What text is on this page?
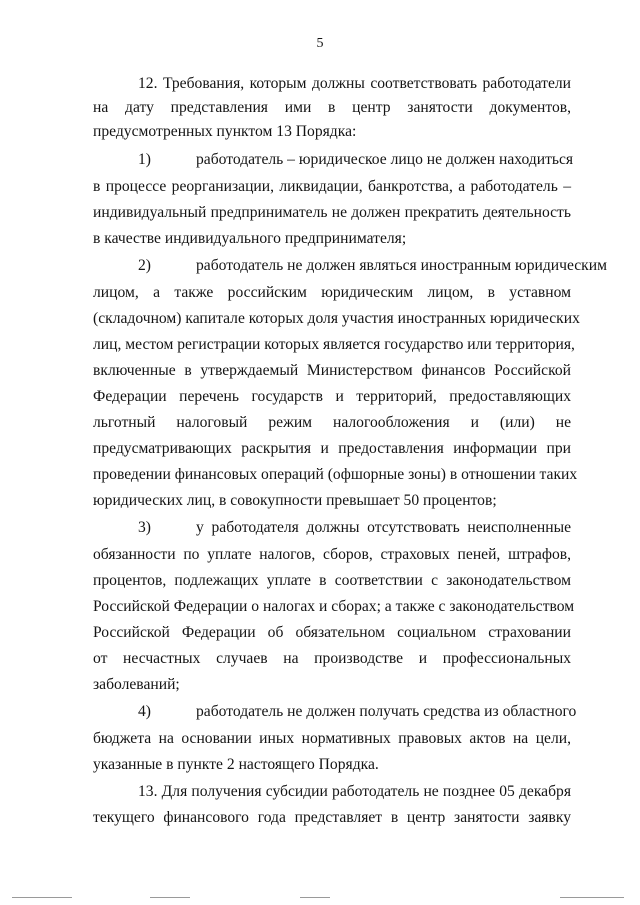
5
12. Требования, которым должны соответствовать работодатели
на дату представления ими в центр занятости документов,
предусмотренных пунктом 13 Порядка:
1)	работодатель – юридическое лицо не должен находиться
в процессе реорганизации, ликвидации, банкротства, а работодатель –
индивидуальный предприниматель не должен прекратить деятельность
в качестве индивидуального предпринимателя;
2)	работодатель не должен являться иностранным юридическим
лицом, а также российским юридическим лицом, в уставном
(складочном) капитале которых доля участия иностранных юридических
лиц, местом регистрации которых является государство или территория,
включенные в утверждаемый Министерством финансов Российской
Федерации перечень государств и территорий, предоставляющих
льготный налоговый режим налогообложения и (или) не
предусматривающих раскрытия и предоставления информации при
проведении финансовых операций (офшорные зоны) в отношении таких
юридических лиц, в совокупности превышает 50 процентов;
3)	у работодателя должны отсутствовать неисполненные
обязанности по уплате налогов, сборов, страховых пеней, штрафов,
процентов, подлежащих уплате в соответствии с законодательством
Российской Федерации о налогах и сборах; а также с законодательством
Российской Федерации об обязательном социальном страховании
от несчастных случаев на производстве и профессиональных
заболеваний;
4)	работодатель не должен получать средства из областного
бюджета на основании иных нормативных правовых актов на цели,
указанные в пункте 2 настоящего Порядка.
13. Для получения субсидии работодатель не позднее 05 декабря
текущего финансового года представляет в центр занятости заявку
